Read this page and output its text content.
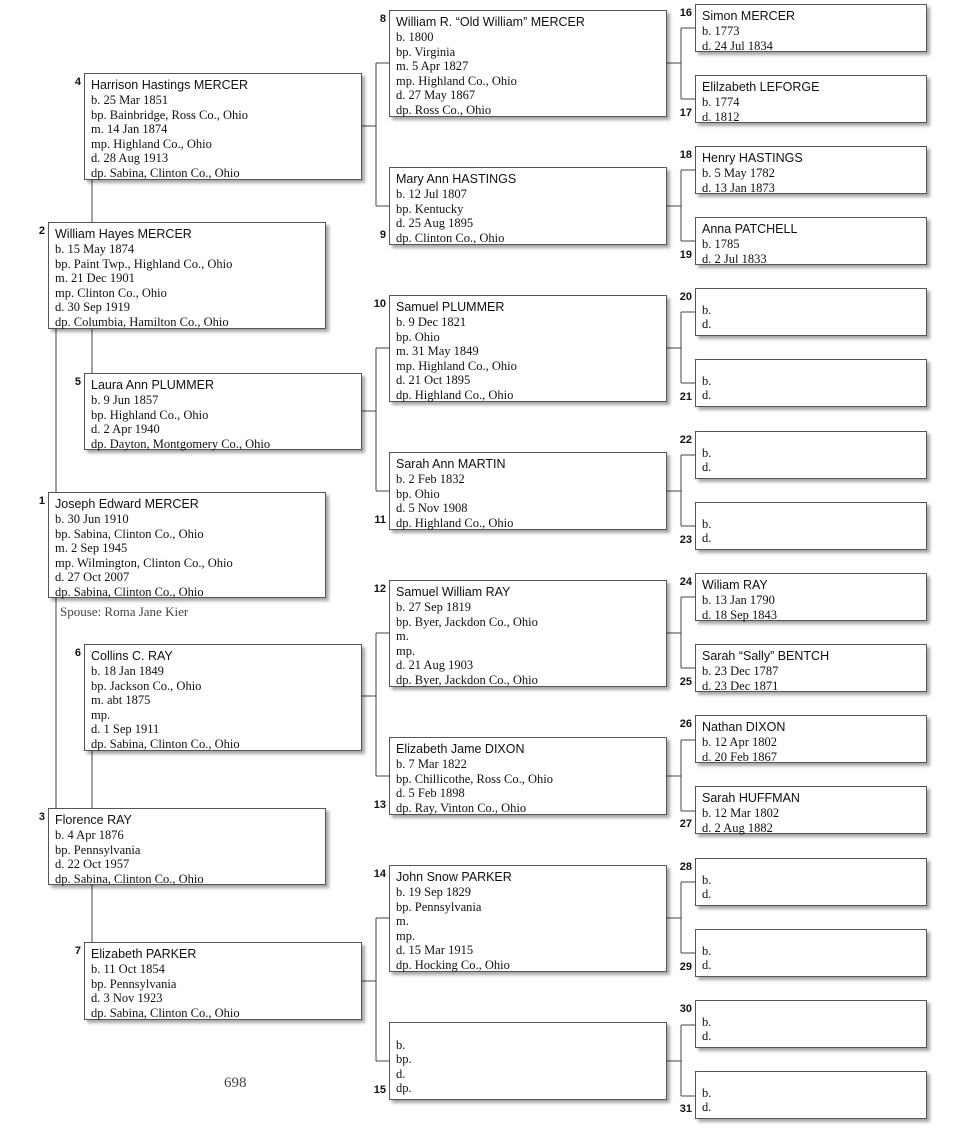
Spouse: Roma Jane Kier
698
Joseph Edward MERCER
b. 30 Jun 1910
bp. Sabina, Clinton Co., Ohio
m. 2 Sep 1945
mp. Wilmington, Clinton Co., Ohio
d. 27 Oct 2007
dp. Sabina, Clinton Co., Ohio
1
William Hayes MERCER
b. 15 May 1874
bp. Paint Twp., Highland Co., Ohio
m. 21 Dec 1901
mp. Clinton Co., Ohio
d. 30 Sep 1919
dp. Columbia, Hamilton Co., Ohio
2
Florence RAY
b. 4 Apr 1876
bp. Pennsylvania
d. 22 Oct 1957
dp. Sabina, Clinton Co., Ohio
3
Harrison Hastings MERCER
b. 25 Mar 1851
bp. Bainbridge, Ross Co., Ohio
m. 14 Jan 1874
mp. Highland Co., Ohio
d. 28 Aug 1913
dp. Sabina, Clinton Co., Ohio
4
Laura Ann PLUMMER
b. 9 Jun 1857
bp. Highland Co., Ohio
d. 2 Apr 1940
dp. Dayton, Montgomery Co., Ohio
5
Collins C. RAY
b. 18 Jan 1849
bp. Jackson Co., Ohio
m. abt 1875
mp.
d. 1 Sep 1911
dp. Sabina, Clinton Co., Ohio
6
Elizabeth PARKER
b. 11 Oct 1854
bp. Pennsylvania
d. 3 Nov 1923
dp. Sabina, Clinton Co., Ohio
7
William R. “Old William” MERCER
b. 1800
bp. Virginia
m. 5 Apr 1827
mp. Highland Co., Ohio
d. 27 May 1867
dp. Ross Co., Ohio
8
Mary Ann HASTINGS
b. 12 Jul 1807
bp. Kentucky
d. 25 Aug 1895
dp. Clinton Co., Ohio
9
Samuel PLUMMER
b. 9 Dec 1821
bp. Ohio
m. 31 May 1849
mp. Highland Co., Ohio
d. 21 Oct 1895
dp. Highland Co., Ohio
10
Sarah Ann MARTIN
b. 2 Feb 1832
bp. Ohio
d. 5 Nov 1908
dp. Highland Co., Ohio
11
Samuel William RAY
b. 27 Sep 1819
bp. Byer, Jackdon Co., Ohio
m.
mp.
d. 21 Aug 1903
dp. Byer, Jackdon Co., Ohio
12
Elizabeth Jame DIXON
b. 7 Mar 1822
bp. Chillicothe, Ross Co., Ohio
d. 5 Feb 1898
dp. Ray, Vinton Co., Ohio
13
John Snow PARKER
b. 19 Sep 1829
bp. Pennsylvania
m.
mp.
d. 15 Mar 1915
dp. Hocking Co., Ohio
14
b.
bp.
d.
dp.
15
Simon MERCER
b. 1773
d. 24 Jul 1834
16
Elilzabeth LEFORGE
b. 1774
d. 1812
17
Henry HASTINGS
b. 5 May 1782
d. 13 Jan 1873
18
Anna PATCHELL
b. 1785
d. 2 Jul 1833
19
b.
d.
20
b.
d.
21
b.
d.
22
b.
d.
23
Wiliam RAY
b. 13 Jan 1790
d. 18 Sep 1843
24
Sarah “Sally” BENTCH
b. 23 Dec 1787
d. 23 Dec 1871
25
Nathan DIXON
b. 12 Apr 1802
d. 20 Feb 1867
26
Sarah HUFFMAN
b. 12 Mar 1802
d. 2 Aug 1882
27
b.
d.
28
b.
d.
29
b.
d.
30
b.
d.
31
